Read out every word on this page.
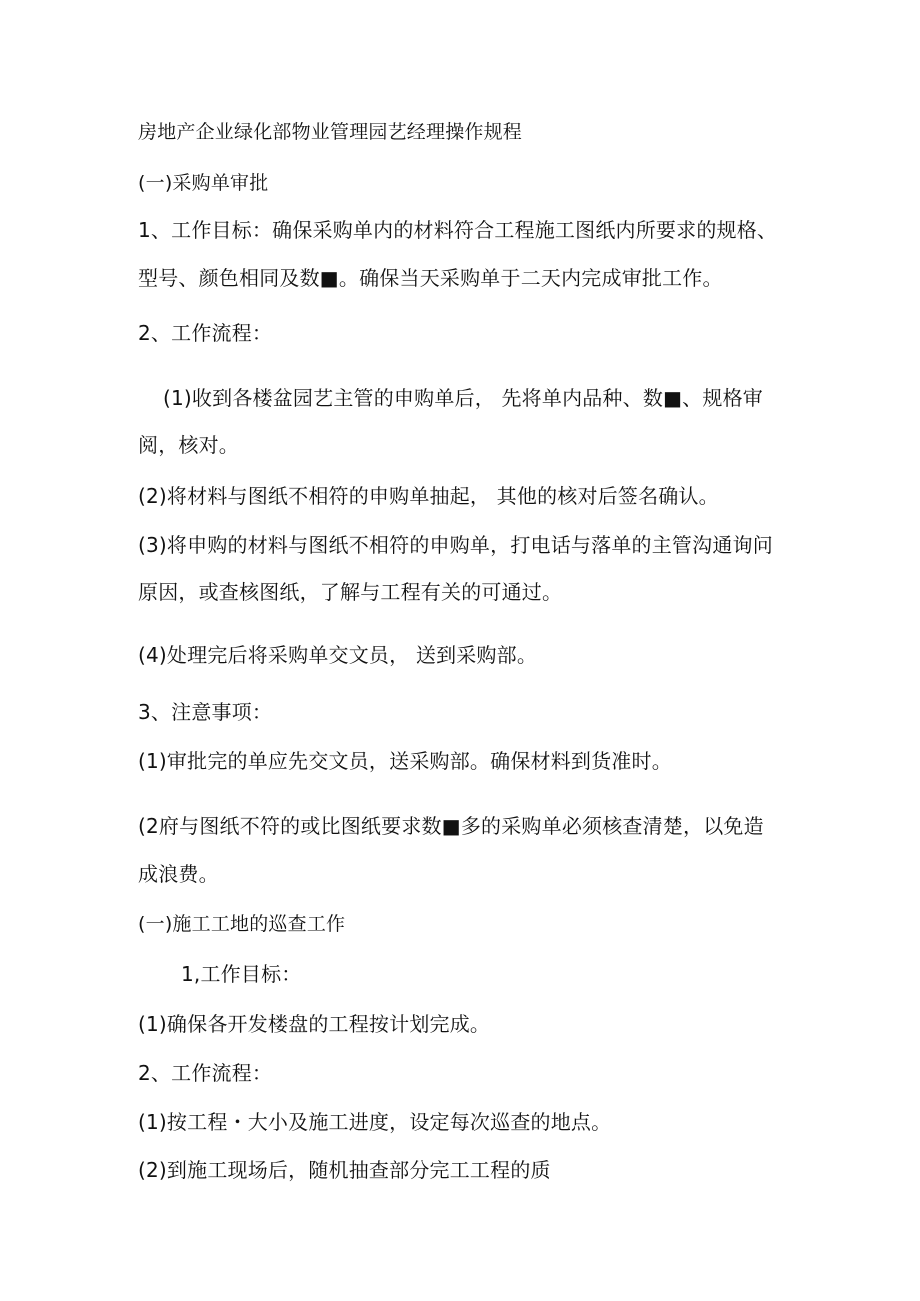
房地产企业绿化部物业管理园艺经理操作规程
(一)采购单审批
1、工作目标：确保采购单内的材料符合工程施工图纸内所要求的规格、
型号、颜色相同及数■。确保当天采购单于二天内完成审批工作。
2、工作流程：
(1)收到各楼盆园艺主管的申购单后， 先将单内品种、数■、规格审
阅，核对。
(2)将材料与图纸不相符的申购单抽起， 其他的核对后签名确认。
(3)将申购的材料与图纸不相符的申购单，打电话与落单的主管沟通询问
原因，或查核图纸，了解与工程有关的可通过。
(4)处理完后将采购单交文员， 送到采购部。
3、注意事项：
(1)审批完的单应先交文员，送采购部。确保材料到货准时。
(2府与图纸不符的或比图纸要求数■多的采购单必须核查清楚，以免造
成浪费。
(一)施工工地的巡查工作
1,工作目标：
(1)确保各开发楼盘的工程按计划完成。
2、工作流程：
(1)按工程・大小及施工进度，设定每次巡查的地点。
(2)到施工现场后，随机抽查部分完工工程的质
